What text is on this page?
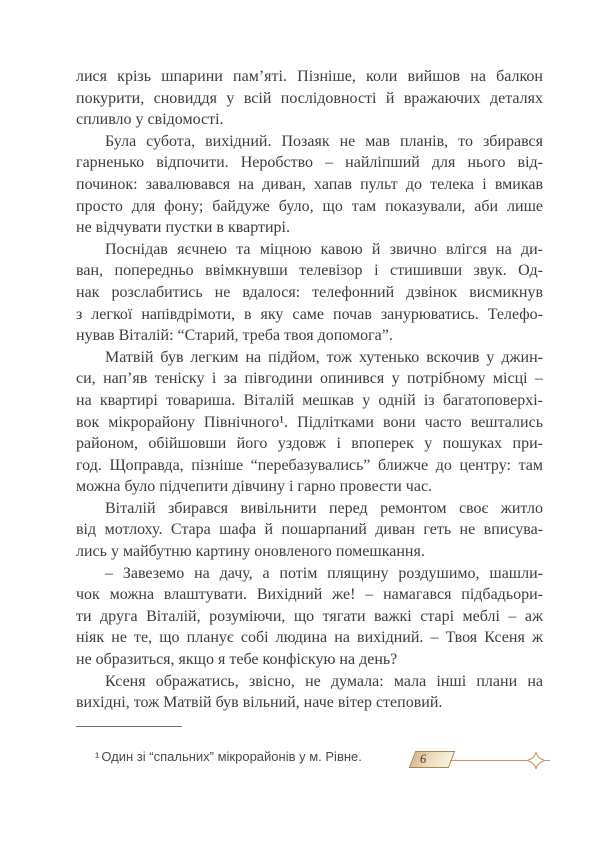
лися крізь шпарини пам’яті. Пізніше, коли вийшов на балкон
покурити, сновиддя у всій послідовності й вражаючих деталях
спливло у свідомості.

Була субота, вихідний. Позаяк не мав планів, то збирався
гарненько відпочити. Неробство – найліпший для нього від-
починок: завалювався на диван, хапав пульт до телека і вмикав
просто для фону; байдуже було, що там показували, аби лише
не відчувати пустки в квартирі.

Поснідав яєчнею та міцною кавою й звично влігся на ди-
ван, попередньо ввімкнувши телевізор і стишивши звук. Од-
нак розслабитись не вдалося: телефонний дзвінок висмикнув
з легкої напівдрімоти, в яку саме почав занурюватись. Телефо-
нував Віталій: “Старий, треба твоя допомога”.

Матвій був легким на підйом, тож хутенько вскочив у джин-
си, нап’яв теніску і за півгодини опинився у потрібному місці –
на квартирі товариша. Віталій мешкав у одній із багатоповерхі-
вок мікрорайону Північного¹. Підлітками вони часто вештались
районом, обійшовши його уздовж і впоперек у пошуках при-
год. Щоправда, пізніше “перебазувались” ближче до центру: там
можна було підчепити дівчину і гарно провести час.

Віталій збирався вивільнити перед ремонтом своє житло
від мотлоху. Стара шафа й пошарпаний диван геть не вписува-
лись у майбутню картину оновленого помешкання.

– Завеземо на дачу, а потім плящину роздушимо, шашли-
чок можна влаштувати. Вихідний же! – намагався підбадьори-
ти друга Віталій, розуміючи, що тягати важкі старі меблі – аж
ніяк не те, що планує собі людина на вихідний. – Твоя Ксеня ж
не образиться, якщо я тебе конфіскую на день?

Ксеня ображатись, звісно, не думала: мала інші плани на
вихідні, тож Матвій був вільний, наче вітер степовий.

¹ Один зі “спальних” мікрорайонів у м. Рівне.	6
